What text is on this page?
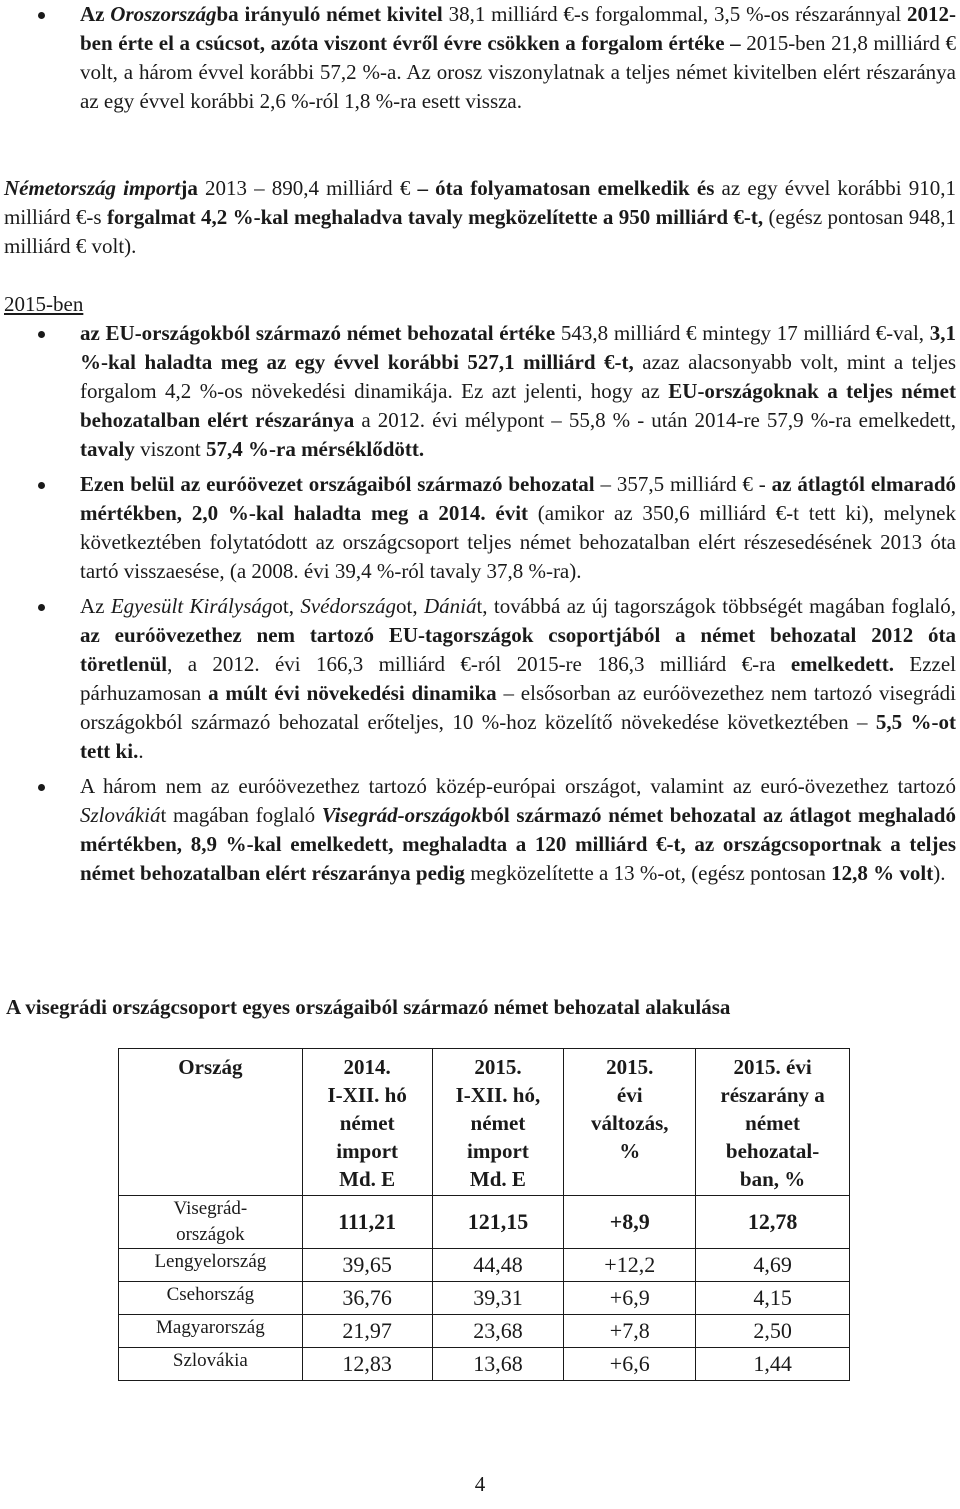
Az Oroszországba irányuló német kivitel 38,1 milliárd €-s forgalommal, 3,5 %-os részaránnyal 2012-ben érte el a csúcsot, azóta viszont évről évre csökken a forgalom értéke – 2015-ben 21,8 milliárd € volt, a három évvel korábbi 57,2 %-a. Az orosz viszonylatnak a teljes német kivitelben elért részaránya az egy évvel korábbi 2,6 %-ról 1,8 %-ra esett vissza.

Németország importja 2013 – 890,4 milliárd € – óta folyamatosan emelkedik és az egy évvel korábbi 910,1 milliárd €-s forgalmat 4,2 %-kal meghaladva tavaly megközelítette a 950 milliárd €-t, (egész pontosan 948,1 milliárd € volt).

2015-ben

az EU-országokból származó német behozatal értéke 543,8 milliárd € mintegy 17 milliárd €-val, 3,1 %-kal haladta meg az egy évvel korábbi 527,1 milliárd €-t, azaz alacsonyabb volt, mint a teljes forgalom 4,2 %-os növekedési dinamikája. Ez azt jelenti, hogy az EU-országoknak a teljes német behozatalban elért részaránya a 2012. évi mélypont – 55,8 % - után 2014-re 57,9 %-ra emelkedett, tavaly viszont 57,4 %-ra mérséklődött.
Ezen belül az euróövezet országaiból származó behozatal – 357,5 milliárd € - az átlagtól elmaradó mértékben, 2,0 %-kal haladta meg a 2014. évit (amikor az 350,6 milliárd €-t tett ki), melynek következtében folytatódott az országcsoport teljes német behozatalban elért részesedésének 2013 óta tartó visszaesése, (a 2008. évi 39,4 %-ról tavaly 37,8 %-ra).
Az Egyesült Királyságot, Svédországot, Dániát, továbbá az új tagországok többségét magában foglaló, az euróövezethez nem tartozó EU-tagországok csoportjából a német behozatal 2012 óta töretlenül, a 2012. évi 166,3 milliárd €-ról 2015-re 186,3 milliárd €-ra emelkedett. Ezzel párhuzamosan a múlt évi növekedési dinamika – elsősorban az euróövezethez nem tartozó visegrádi országokból származó behozatal erőteljes, 10 %-hoz közelítő növekedése következtében – 5,5 %-ot tett ki..
A három nem az euróövezethez tartozó közép-európai országot, valamint az euró-övezethez tartozó Szlovákiát magában foglaló Visegrád-országokból származó német behozatal az átlagot meghaladó mértékben, 8,9 %-kal emelkedett, meghaladta a 120 milliárd €-t, az országcsoportnak a teljes német behozatalban elért részaránya pedig megközelítette a 13 %-ot, (egész pontosan 12,8 % volt).

A visegrádi országcsoport egyes országaiból származó német behozatal alakulása

Ország	2014.
I-XII. hó
német
import
Md. E	2015.
I-XII. hó,
német
import
Md. E	2015.
évi
változás,
%	2015. évi
részarány a
német
behozatal-
ban, %
Visegrád-
országok	111,21	121,15	+8,9	12,78
Lengyelország	39,65	44,48	+12,2	4,69
Csehország	36,76	39,31	+6,9	4,15
Magyarország	21,97	23,68	+7,8	2,50
Szlovákia	12,83	13,68	+6,6	1,44
4
